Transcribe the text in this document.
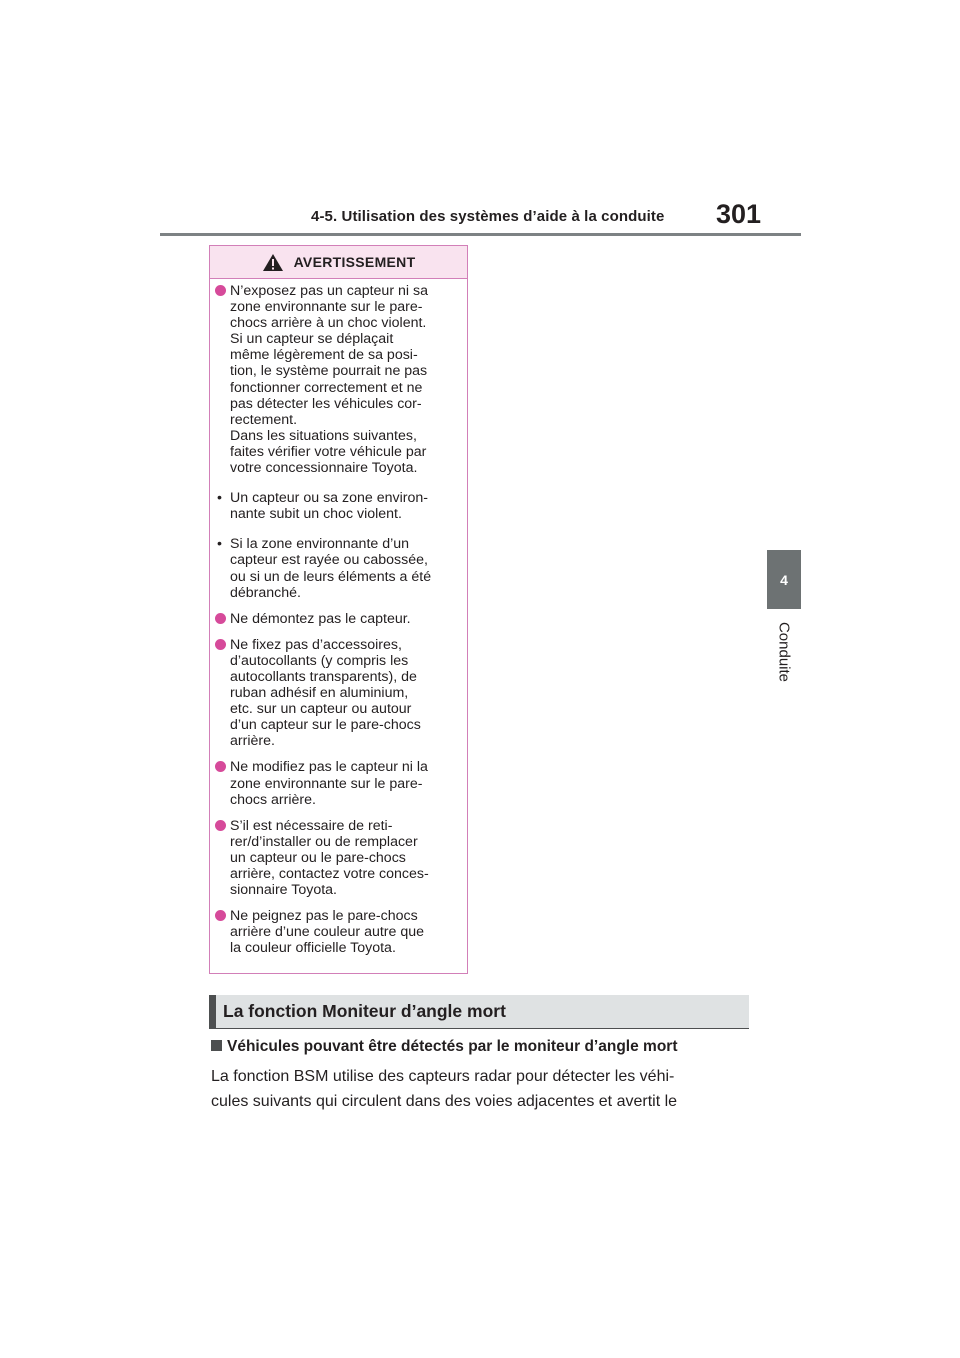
4-5. Utilisation des systèmes d’aide à la conduite 301
4
Conduite
AVERTISSEMENT
N’exposez pas un capteur ni sa
zone environnante sur le pare-
chocs arrière à un choc violent.
Si un capteur se déplaçait
même légèrement de sa posi-
tion, le système pourrait ne pas
fonctionner correctement et ne
pas détecter les véhicules cor-
rectement.
Dans les situations suivantes,
faites vérifier votre véhicule par
votre concessionnaire Toyota.
• Un capteur ou sa zone environ-
nante subit un choc violent.
• Si la zone environnante d’un
capteur est rayée ou cabossée,
ou si un de leurs éléments a été
débranché.
Ne démontez pas le capteur.
Ne fixez pas d’accessoires,
d’autocollants (y compris les
autocollants transparents), de
ruban adhésif en aluminium,
etc. sur un capteur ou autour
d’un capteur sur le pare-chocs
arrière.
Ne modifiez pas le capteur ni la
zone environnante sur le pare-
chocs arrière.
S’il est nécessaire de reti-
rer/d’installer ou de remplacer
un capteur ou le pare-chocs
arrière, contactez votre conces-
sionnaire Toyota.
Ne peignez pas le pare-chocs
arrière d’une couleur autre que
la couleur officielle Toyota.
La fonction Moniteur d’angle mort
Véhicules pouvant être détectés par le moniteur d’angle mort
La fonction BSM utilise des capteurs radar pour détecter les véhi-
cules suivants qui circulent dans des voies adjacentes et avertit le
